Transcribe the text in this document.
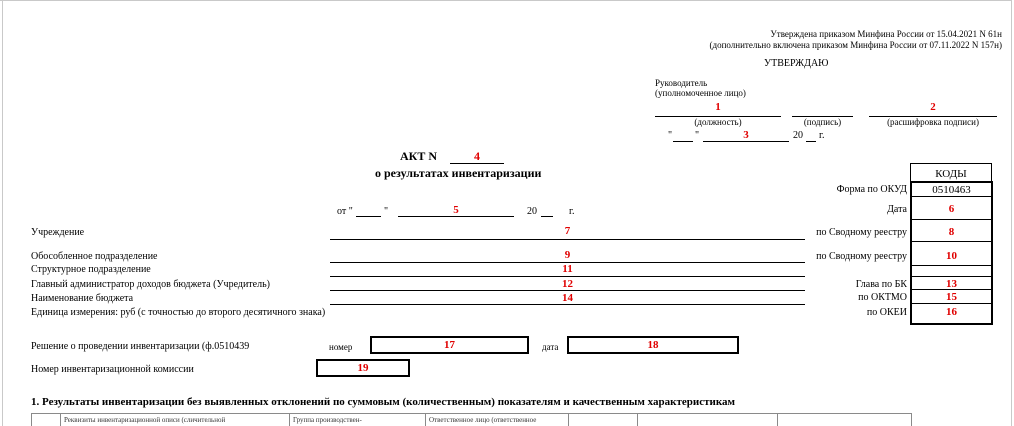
Утверждена приказом Минфина России от 15.04.2021 N 61н
(дополнительно включена приказом Минфина России от 07.11.2022 N 157н)
УТВЕРЖДАЮ
Руководитель
(уполномоченное лицо)
1	2
(должность)	(подпись)	(расшифровка подписи)
" "	3	20 г.
АКТ N	4
о результатах инвентаризации
от "	"	5	20	г.
КОДЫ
Форма по ОКУД	0510463
Дата	6
по Сводному реестру	8
по Сводному реестру	10
Глава по БК	13
по ОКТМО	15
по ОКЕИ	16
Учреждение	7
Обособленное подразделение	9
Структурное подразделение	11
Главный администратор доходов бюджета (Учредитель)	12
Наименование бюджета	14
Единица измерения: руб (с точностью до второго десятичного знака)
Решение о проведении инвентаризации (ф.0510439	номер	17	дата	18
Номер инвентаризационной комиссии	19
1. Результаты инвентаризации без выявленных отклонений по суммовым (количественным) показателям и качественным характеристикам
Реквизиты инвентаризационной описи (сличительной	Группа производствен-	Ответственное лицо (ответственное
